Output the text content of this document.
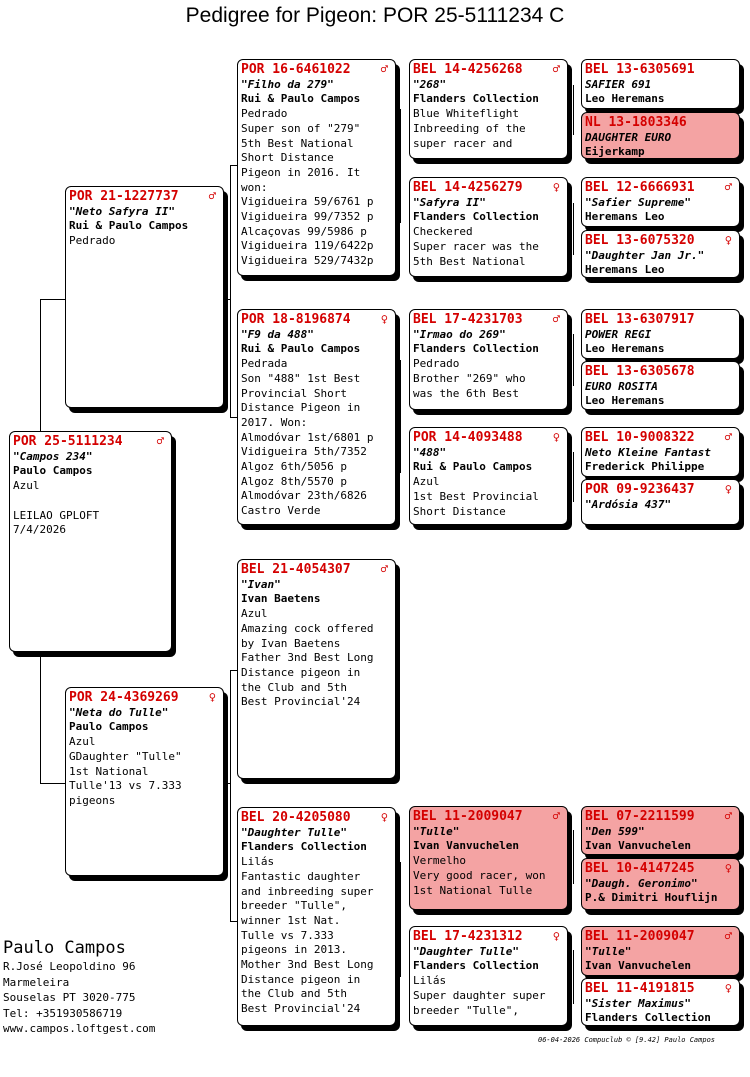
Pedigree for Pigeon: POR 25-5111234 C
POR 25-5111234	♂
"Campos 234"
Paulo Campos
Azul

LEILAO GPLOFT
7/4/2026
POR 21-1227737	♂
"Neto Safyra II"
Rui & Paulo Campos
Pedrado
POR 24-4369269	♀
"Neta do Tulle"
Paulo Campos
Azul
GDaughter "Tulle"
1st National
Tulle'13 vs 7.333
pigeons
POR 16-6461022	♂
"Filho da 279"
Rui & Paulo Campos
Pedrado
Super son of "279"
5th Best National
Short Distance
Pigeon in 2016. It
won:
Vigidueira 59/6761 p
Vigidueira 99/7352 p
Alcaçovas 99/5986 p
Vigidueira 119/6422p
Vigidueira 529/7432p
POR 18-8196874	♀
"F9 da 488"
Rui & Paulo Campos
Pedrada
Son "488" 1st Best
Provincial Short
Distance Pigeon in
2017. Won:
Almodóvar 1st/6801 p
Vidigueira 5th/7352
Algoz 6th/5056 p
Algoz 8th/5570 p
Almodóvar 23th/6826
Castro Verde
BEL 21-4054307	♂
"Ivan"
Ivan Baetens
Azul
Amazing cock offered
by Ivan Baetens
Father 3nd Best Long
Distance pigeon in
the Club and 5th
Best Provincial'24
BEL 20-4205080	♀
"Daughter Tulle"
Flanders Collection
Lilás
Fantastic daughter
and inbreeding super
breeder "Tulle",
winner 1st Nat.
Tulle vs 7.333
pigeons in 2013.
Mother 3nd Best Long
Distance pigeon in
the Club and 5th
Best Provincial'24
BEL 14-4256268	♂
"268"
Flanders Collection
Blue Whiteflight
Inbreeding of the
super racer and
BEL 14-4256279	♀
"Safyra II"
Flanders Collection
Checkered
Super racer was the
5th Best National
BEL 17-4231703	♂
"Irmao do 269"
Flanders Collection
Pedrado
Brother "269" who
was the 6th Best
POR 14-4093488	♀
"488"
Rui & Paulo Campos
Azul
1st Best Provincial
Short Distance
BEL 11-2009047	♂
"Tulle"
Ivan Vanvuchelen
Vermelho
Very good racer, won
1st National Tulle
BEL 17-4231312	♀
"Daughter Tulle"
Flanders Collection
Lilás
Super daughter super
breeder "Tulle",
BEL 13-6305691
SAFIER 691
Leo Heremans
NL 13-1803346
DAUGHTER EURO
Eijerkamp
BEL 12-6666931	♂
"Safier Supreme"
Heremans Leo
BEL 13-6075320	♀
"Daughter Jan Jr."
Heremans Leo
BEL 13-6307917
POWER REGI
Leo Heremans
BEL 13-6305678
EURO ROSITA
Leo Heremans
BEL 10-9008322	♂
Neto Kleine Fantast
Frederick Philippe
POR 09-9236437	♀
"Ardósia 437"
BEL 07-2211599	♂
"Den 599"
Ivan Vanvuchelen
BEL 10-4147245	♀
"Daugh. Geronimo"
P.& Dimitri Houflijn
BEL 11-2009047	♂
"Tulle"
Ivan Vanvuchelen
BEL 11-4191815	♀
"Sister Maximus"
Flanders Collection
Paulo Campos
R.José Leopoldino 96
Marmeleira
Souselas PT 3020-775
Tel: +351930586719
www.campos.loftgest.com
06-04-2026 Compuclub © [9.42] Paulo Campos
